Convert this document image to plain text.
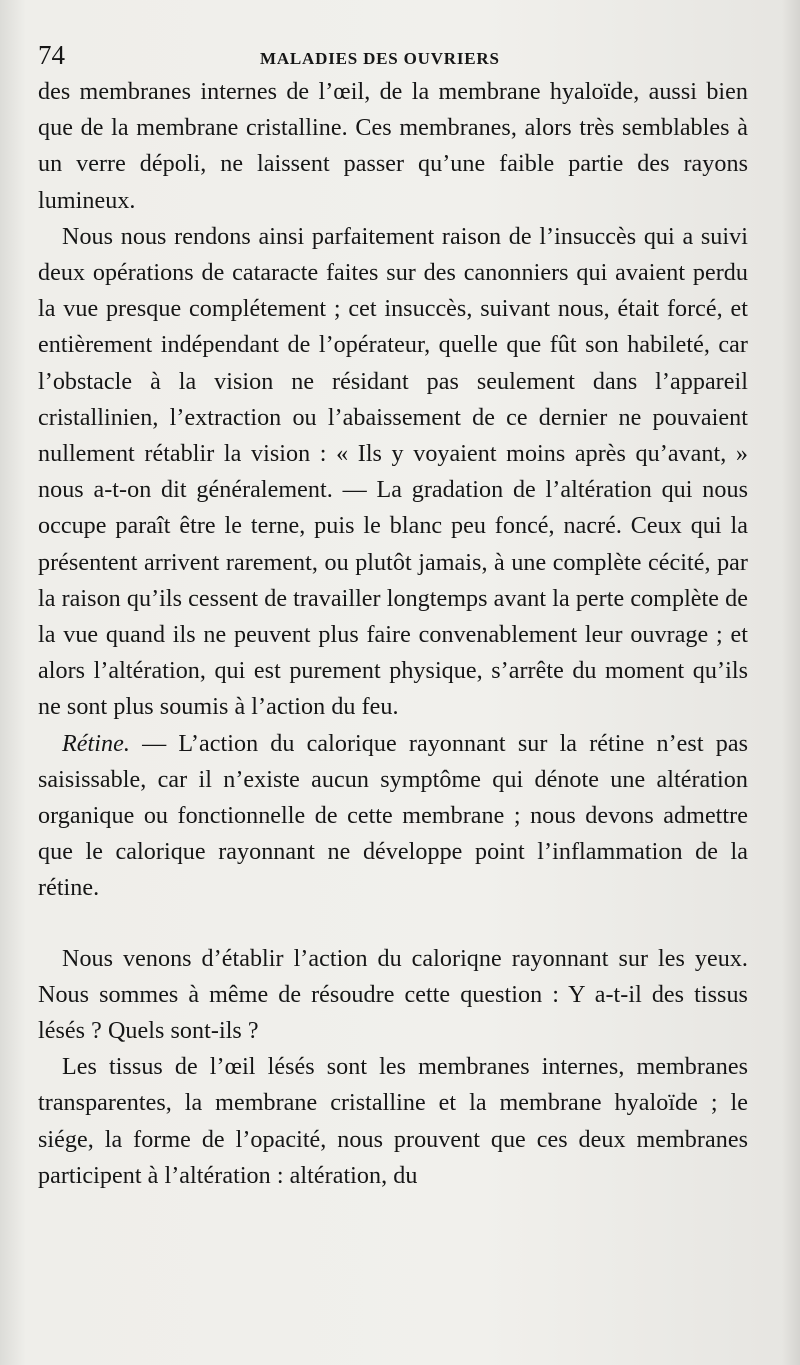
74	MALADIES DES OUVRIERS

des membranes internes de l’œil, de la membrane hyaloïde, aussi bien que de la membrane cristalline. Ces membranes, alors très semblables à un verre dépoli, ne laissent passer qu’une faible partie des rayons lumineux.

Nous nous rendons ainsi parfaitement raison de l’insuccès qui a suivi deux opérations de cataracte faites sur des canonniers qui avaient perdu la vue presque complétement ; cet insuccès, suivant nous, était forcé, et entièrement indépendant de l’opérateur, quelle que fût son habileté, car l’obstacle à la vision ne résidant pas seulement dans l’appareil cristallinien, l’extraction ou l’abaissement de ce dernier ne pouvaient nullement rétablir la vision : « Ils y voyaient moins après qu’avant, » nous a-t-on dit généralement. — La gradation de l’altération qui nous occupe paraît être le terne, puis le blanc peu foncé, nacré. Ceux qui la présentent arrivent rarement, ou plutôt jamais, à une complète cécité, par la raison qu’ils cessent de travailler longtemps avant la perte complète de la vue quand ils ne peuvent plus faire convenablement leur ouvrage ; et alors l’altération, qui est purement physique, s’arrête du moment qu’ils ne sont plus soumis à l’action du feu.

Rétine. — L’action du calorique rayonnant sur la rétine n’est pas saisissable, car il n’existe aucun symptôme qui dénote une altération organique ou fonctionnelle de cette membrane ; nous devons admettre que le calorique rayonnant ne développe point l’inflammation de la rétine.

Nous venons d’établir l’action du caloriqne rayonnant sur les yeux. Nous sommes à même de résoudre cette question : Y a-t-il des tissus lésés ? Quels sont-ils ?

Les tissus de l’œil lésés sont les membranes internes, membranes transparentes, la membrane cristalline et la membrane hyaloïde ; le siége, la forme de l’opacité, nous prouvent que ces deux membranes participent à l’altération : altération, du
